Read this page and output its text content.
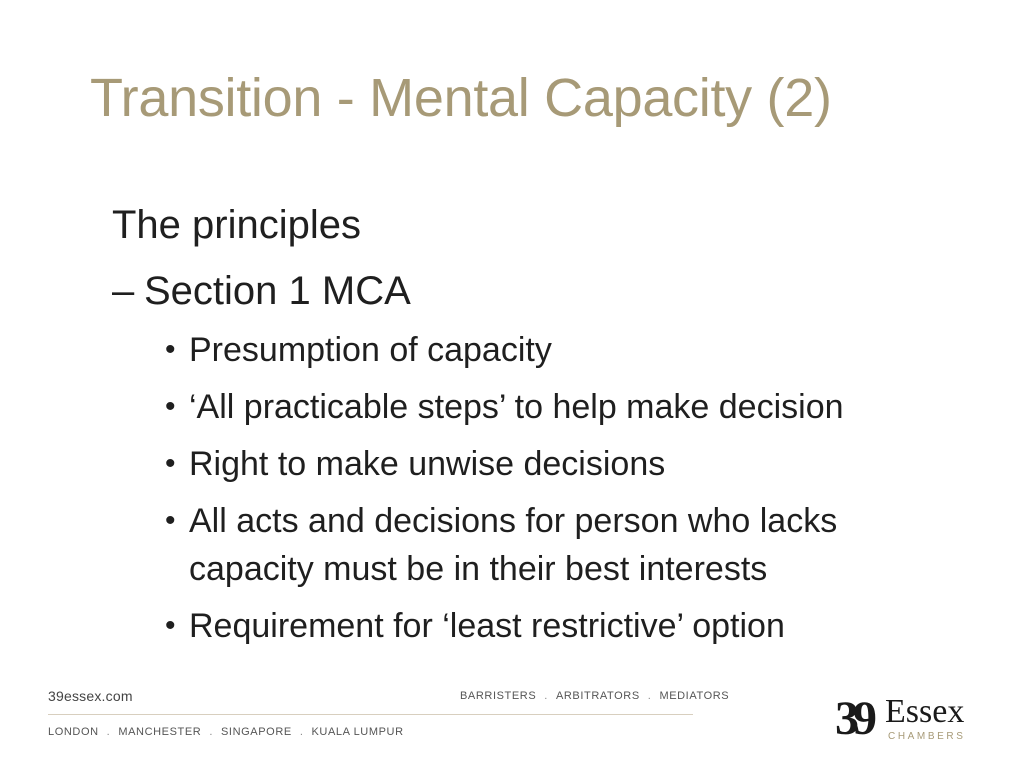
Transition - Mental Capacity (2)
The principles
– Section 1 MCA
• Presumption of capacity
• ‘All practicable steps’ to help make decision
• Right to make unwise decisions
• All acts and decisions for person who lacks
capacity must be in their best interests
• Requirement for ‘least restrictive’ option
39essex.com	BARRISTERS . ARBITRATORS . MEDIATORS
LONDON . MANCHESTER . SINGAPORE . KUALA LUMPUR	39 Essex
CHAMBERS
